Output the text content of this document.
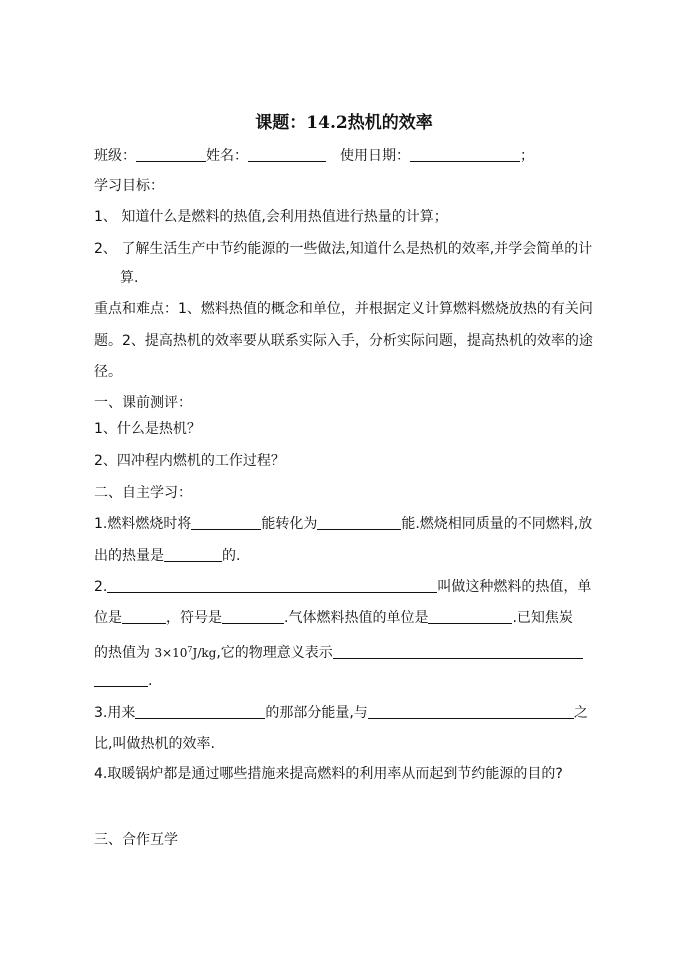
课题：14.2热机的效率
班级：	姓名：	使用日期：	；
学习目标：
1、 知道什么是燃料的热值,会利用热值进行热量的计算；
2、 了解生活生产中节约能源的一些做法,知道什么是热机的效率,并学会简单的计
算.
重点和难点：1、燃料热值的概念和单位，并根据定义计算燃料燃烧放热的有关问
题。2、提高热机的效率要从联系实际入手，分析实际问题，提高热机的效率的途
径。
一、课前测评：
1、什么是热机？
2、四冲程内燃机的工作过程？
二、自主学习：
1.燃料燃烧时将	能转化为	能.燃烧相同质量的不同燃料,放
出的热量是	的.
2.	叫做这种燃料的热值，单
位是	，符号是	.气体燃料热值的单位是	.已知焦炭
的热值为 $3\times 10^7J/kg$,它的物理意义表示
.
3.用来	的那部分能量,与	之
比,叫做热机的效率.
4.取暖锅炉都是通过哪些措施来提高燃料的利用率从而起到节约能源的目的?
三、合作互学
